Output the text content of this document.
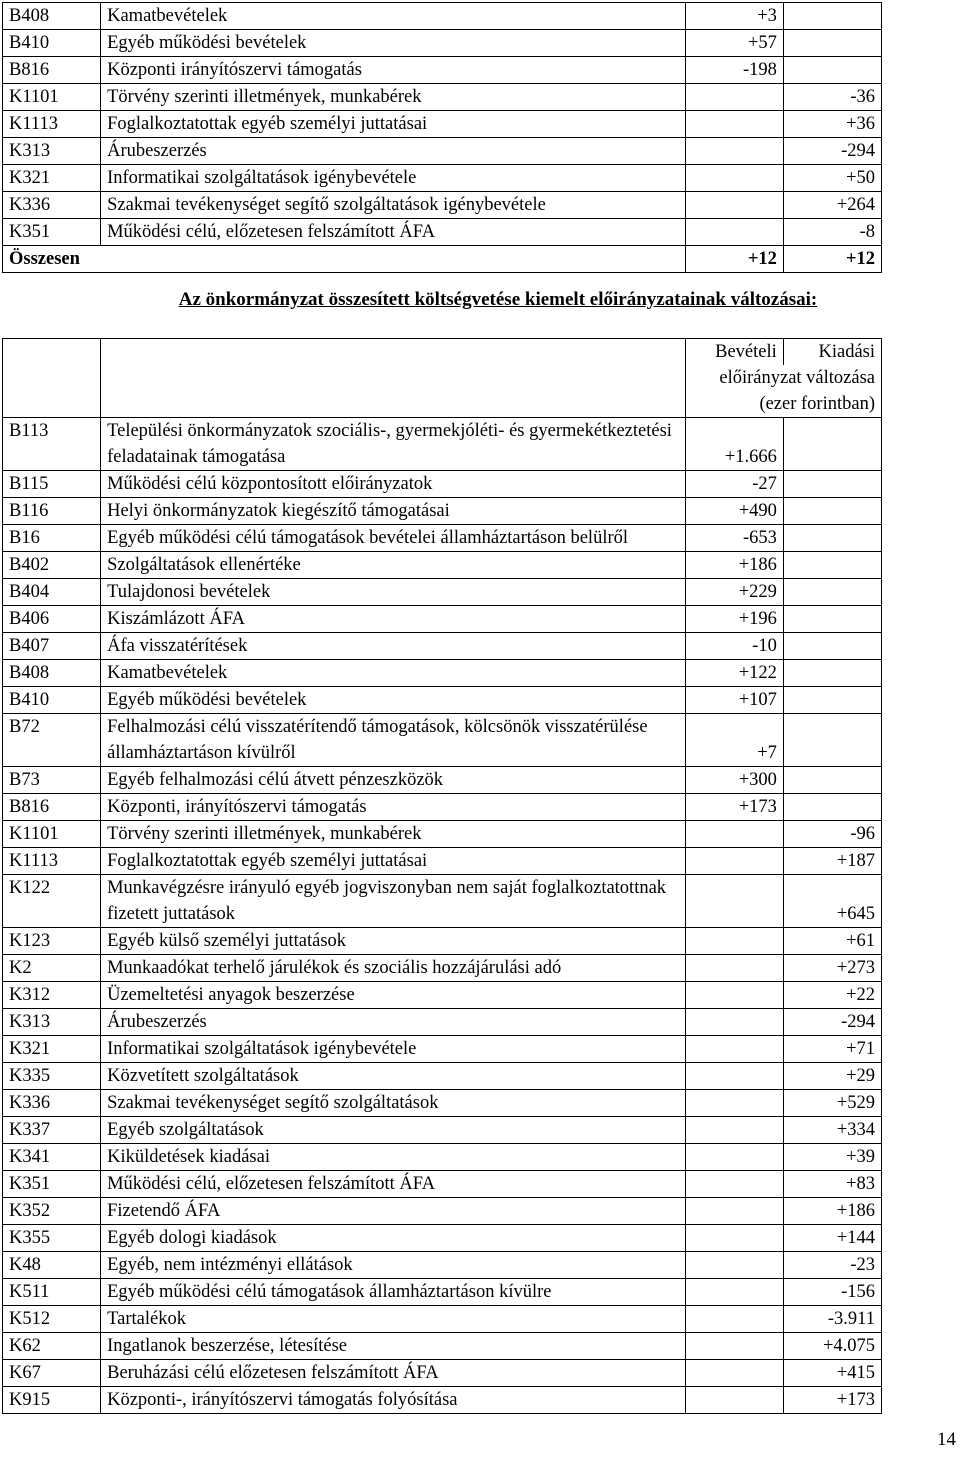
B408	Kamatbevételek	+3	
B410	Egyéb működési bevételek	+57	
B816	Központi irányítószervi támogatás	-198	
K1101	Törvény szerinti illetmények, munkabérek		-36
K1113	Foglalkoztatottak egyéb személyi juttatásai		+36
K313	Árubeszerzés		-294
K321	Informatikai szolgáltatások igénybevétele		+50
K336	Szakmai tevékenységet segítő szolgáltatások igénybevétele		+264
K351	Működési célú, előzetesen felszámított ÁFA		-8
Összesen		+12	+12
Az önkormányzat összesített költségvetése kiemelt előirányzatainak változásai:

		Bevételi Kiadási
előirányzat változása
(ezer forintban)	

B113	Települési önkormányzatok szociális-, gyermekjóléti- és gyermekétkeztetési feladatainak támogatása	+1.666	
B115	Működési célú központosított előirányzatok	-27	
B116	Helyi önkormányzatok kiegészítő támogatásai	+490	
B16	Egyéb működési célú támogatások bevételei államháztartáson belülről	-653	
B402	Szolgáltatások ellenértéke	+186	
B404	Tulajdonosi bevételek	+229	
B406	Kiszámlázott ÁFA	+196	
B407	Áfa visszatérítések	-10	
B408	Kamatbevételek	+122	
B410	Egyéb működési bevételek	+107	
B72	Felhalmozási célú visszatérítendő támogatások, kölcsönök visszatérülése államháztartáson kívülről	+7	
B73	Egyéb felhalmozási célú átvett pénzeszközök	+300	
B816	Központi, irányítószervi támogatás	+173	
K1101	Törvény szerinti illetmények, munkabérek		-96
K1113	Foglalkoztatottak egyéb személyi juttatásai		+187
K122	Munkavégzésre irányuló egyéb jogviszonyban nem saját foglalkoztatottnak fizetett juttatások		+645
K123	Egyéb külső személyi juttatások		+61
K2	Munkaadókat terhelő járulékok és szociális hozzájárulási adó		+273
K312	Üzemeltetési anyagok beszerzése		+22
K313	Árubeszerzés		-294
K321	Informatikai szolgáltatások igénybevétele		+71
K335	Közvetített szolgáltatások		+29
K336	Szakmai tevékenységet segítő szolgáltatások		+529
K337	Egyéb szolgáltatások		+334
K341	Kiküldetések kiadásai		+39
K351	Működési célú, előzetesen felszámított ÁFA		+83
K352	Fizetendő ÁFA		+186
K355	Egyéb dologi kiadások		+144
K48	Egyéb, nem intézményi ellátások		-23
K511	Egyéb működési célú támogatások államháztartáson kívülre		-156
K512	Tartalékok		-3.911
K62	Ingatlanok beszerzése, létesítése		+4.075
K67	Beruházási célú előzetesen felszámított ÁFA		+415
K915	Központi-, irányítószervi támogatás folyósítása		+173
14
